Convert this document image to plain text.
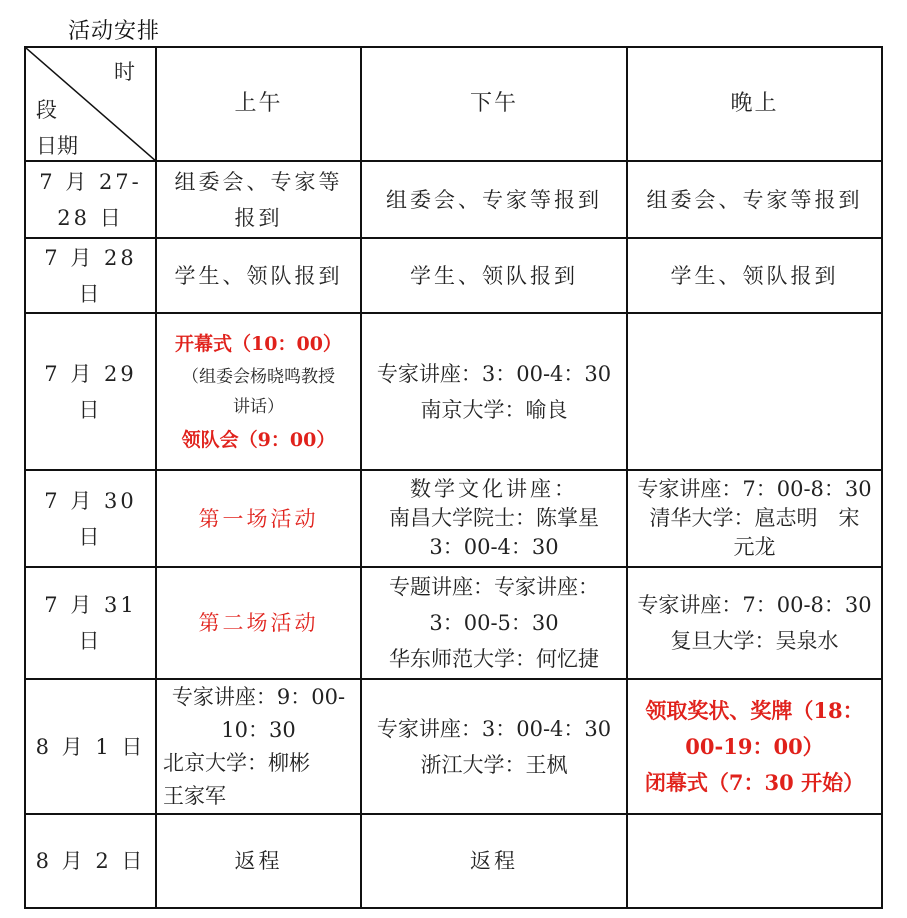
活动安排
时
段
日期	上午	下午	晚上

7 月 27-
28 日	组委会、专家等
报到	组委会、专家等报到	组委会、专家等报到

7 月 28
日	学生、领队报到	学生、领队报到	学生、领队报到

7 月 29
日	开幕式（10：00）
（组委会杨晓鸣教授
讲话）
领队会（9：00）	专家讲座：3：00-4：30
南京大学：喻良	

7 月 30
日	第一场活动	数学文化讲座：
南昌大学院士：陈掌星
3：00-4：30	专家讲座：7：00-8：30
清华大学：扈志明　宋
元龙

7 月 31
日	第二场活动	专题讲座：专家讲座：
3：00-5：30
华东师范大学：何忆捷	专家讲座：7：00-8：30
复旦大学：吴泉水

8 月 1 日	专家讲座：9：00-
10：30
北京大学：柳彬
王家军	专家讲座：3：00-4：30
浙江大学：王枫	领取奖状、奖牌（18：
00-19：00）
闭幕式（7：30 开始）

8 月 2 日	返程	返程	
